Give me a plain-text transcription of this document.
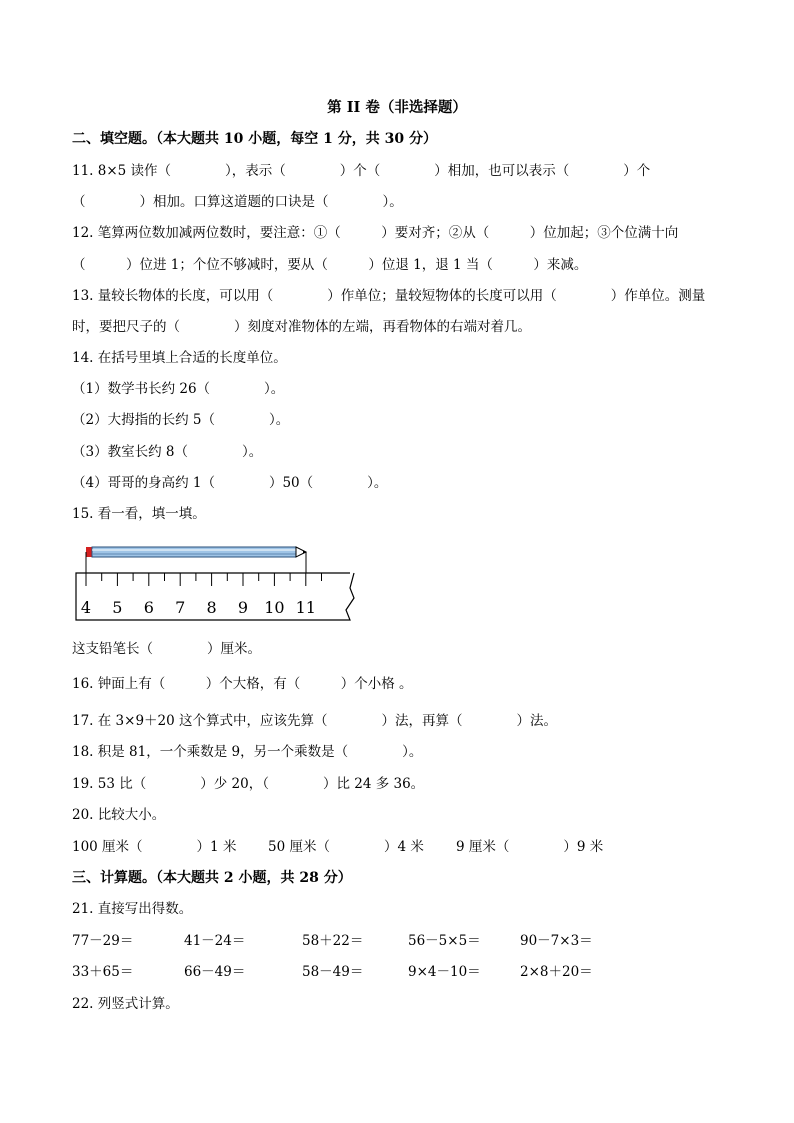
第 II 卷（非选择题）
二、填空题。（本大题共 10 小题，每空 1 分，共 30 分）
11. 8×5 读作（　　　　），表示（　　　　）个（　　　　）相加，也可以表示（　　　　）个
（　　　　）相加。口算这道题的口诀是（　　　　）。
12. 笔算两位数加减两位数时，要注意：①（　　　）要对齐；②从（　　　）位加起；③个位满十向
（　　　）位进 1；个位不够减时，要从（　　　）位退 1，退 1 当（　　　）来减。
13. 量较长物体的长度，可以用（　　　　）作单位；量较短物体的长度可以用（　　　　）作单位。测量
时，要把尺子的（　　　　）刻度对准物体的左端，再看物体的右端对着几。
14. 在括号里填上合适的长度单位。
（1）数学书长约 26（　　　　）。
（2）大拇指的长约 5（　　　　）。
（3）教室长约 8（　　　　）。
（4）哥哥的身高约 1（　　　　）50（　　　　）。
15. 看一看，填一填。
4 5 6 7 8 9 10 11
这支铅笔长（　　　　）厘米。
16. 钟面上有（　　　）个大格，有（　　　）个小格 。
17. 在 3×9＋20 这个算式中，应该先算（　　　　）法，再算（　　　　）法。
18. 积是 81，一个乘数是 9，另一个乘数是（　　　　）。
19. 53 比（　　　　）少 20，（　　　　）比 24 多 36。
20. 比较大小。
100 厘米（　　　　）1 米 50 厘米（　　　　）4 米 9 厘米（　　　　）9 米
三、计算题。（本大题共 2 小题，共 28 分）
21. 直接写出得数。
77－29＝	41－24＝	58＋22＝	56－5×5＝	90－7×3＝
33＋65＝	66－49＝	58－49＝	9×4－10＝	2×8＋20＝
22. 列竖式计算。
